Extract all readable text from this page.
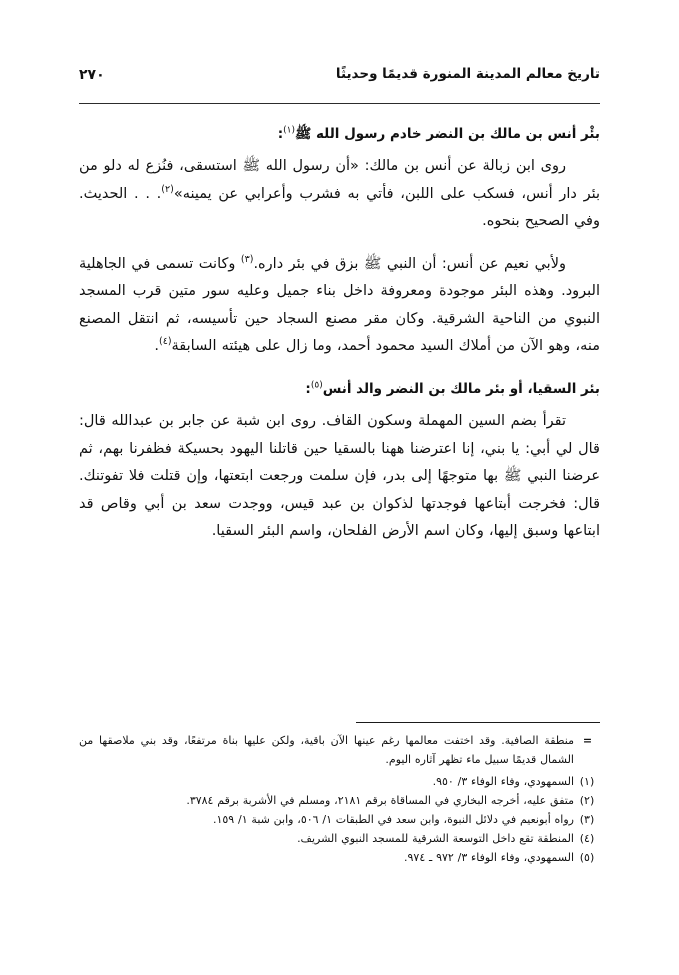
تاريخ معالم المدينة المنورة قديمًا وحديثًا
٢٧٠
بئْر أنس بن مالك بن النضر خادم رسول الله ﷺ$^{(١)}$:

روى ابن زبالة عن أنس بن مالك: «أن رسول الله ﷺ استسقى، فنُزع له دلو من بئر دار أنس، فسكب على اللبن، فأتي به فشرب وأعرابي عن يمينه»$^{(٢)}$. . . الحديث. وفي الصحيح بنحوه.

ولأبي نعيم عن أنس: أن النبي ﷺ بزق في بئر داره.$^{(٣)}$ وكانت تسمى في الجاهلية البرود. وهذه البئر موجودة ومعروفة داخل بناء جميل وعليه سور متين قرب المسجد النبوي من الناحية الشرقية. وكان مقر مصنع السجاد حين تأسيسه، ثم انتقل المصنع منه، وهو الآن من أملاك السيد محمود أحمد، وما زال على هيئته السابقة$^{(٤)}$.

بئر السقيا، أو بئر مالك بن النضر والد أنس$^{(٥)}$:

تقرأ بضم السين المهملة وسكون القاف. روى ابن شبة عن جابر بن عبدالله قال: قال لي أبي: يا بني، إنا اعترضنا ههنا بالسقيا حين قاتلنا اليهود بحسيكة فظفرنا بهم، ثم عرضنا النبي ﷺ بها متوجهًا إلى بدر، فإن سلمت ورجعت ابتعتها، وإن قتلت فلا تفوتنك. قال: فخرجت أبتاعها فوجدتها لذكوان بن عبد قيس، ووجدت سعد بن أبي وقاص قد ابتاعها وسبق إليها، وكان اسم الأرض الفلحان، واسم البئر السقيا.

=
منطقة الصافية. وقد اختفت معالمها رغم عينها الآن باقية، ولكن عليها بناة مرتفعًا، وقد بني ملاصقها من الشمال قديمًا سبيل ماء تظهر آثاره اليوم.
(١)
السمهودي، وفاء الوفاء ٣/ ٩٥٠.
(٢)
متفق عليه، أخرجه البخاري في المساقاة برقم ٢١٨١، ومسلم في الأشربة برقم ٣٧٨٤.
(٣)
رواه أبونعيم في دلائل النبوة، وابن سعد في الطبقات ١/ ٥٠٦، وابن شبة ١/ ١٥٩.
(٤)
المنطقة تقع داخل التوسعة الشرقية للمسجد النبوي الشريف.
(٥)
السمهودي، وفاء الوفاء ٣/ ٩٧٢ ـ ٩٧٤.
